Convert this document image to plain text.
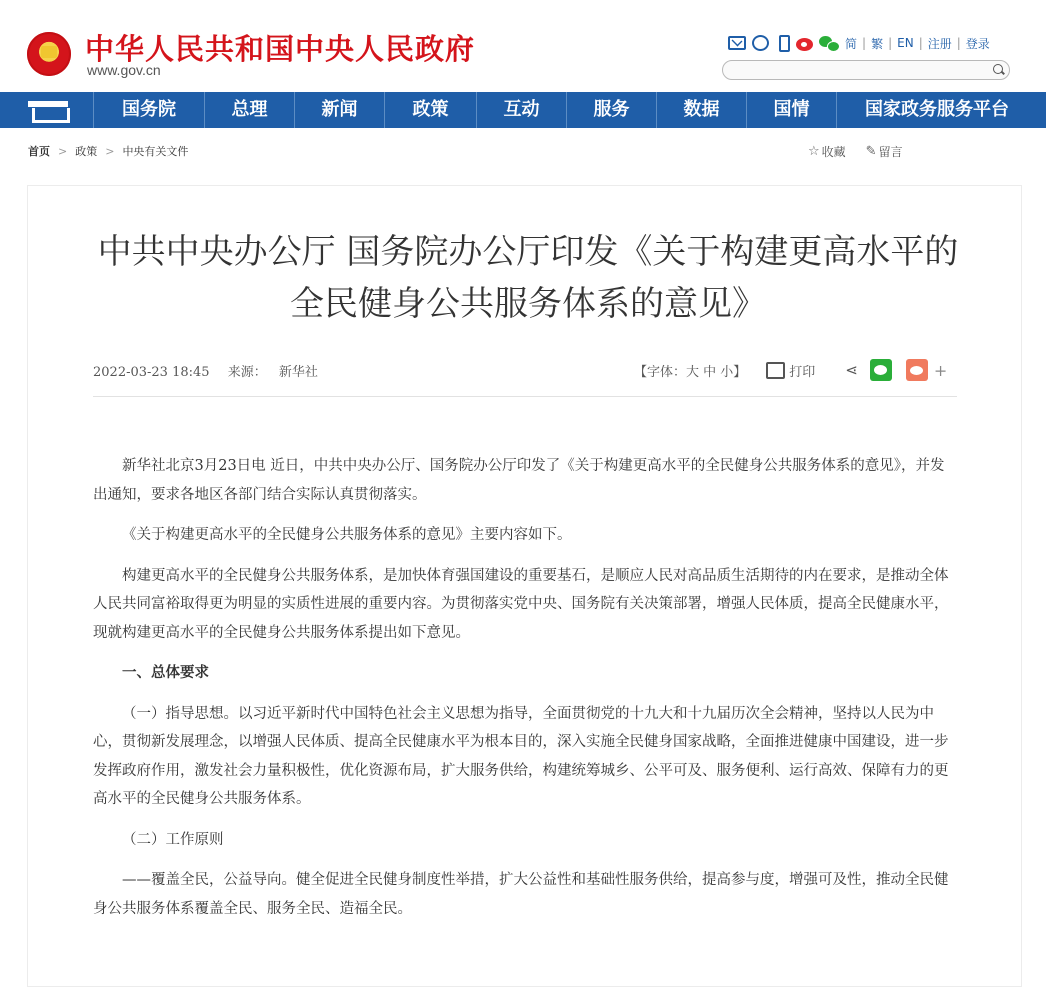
中华人民共和国中央人民政府
www.gov.cn
简 | 繁 | EN | 注册 | 登录
国务院	总理	新闻	政策	互动	服务	数据	国情	国家政务服务平台
首页 > 政策 > 中央有关文件	☆ 收藏 ✎ 留言
中共中央办公厅 国务院办公厅印发《关于构建更高水平的全民健身公共服务体系的意见》
2022-03-23 18:45 来源： 新华社	【字体：大 中 小】	打印 ⋖	+

新华社北京3月23日电 近日，中共中央办公厅、国务院办公厅印发了《关于构建更高水平的全民健身公共服务体系的意见》，并发出通知，要求各地区各部门结合实际认真贯彻落实。

《关于构建更高水平的全民健身公共服务体系的意见》主要内容如下。

构建更高水平的全民健身公共服务体系，是加快体育强国建设的重要基石，是顺应人民对高品质生活期待的内在要求，是推动全体人民共同富裕取得更为明显的实质性进展的重要内容。为贯彻落实党中央、国务院有关决策部署，增强人民体质，提高全民健康水平，现就构建更高水平的全民健身公共服务体系提出如下意见。

一、总体要求

（一）指导思想。以习近平新时代中国特色社会主义思想为指导，全面贯彻党的十九大和十九届历次全会精神，坚持以人民为中心，贯彻新发展理念，以增强人民体质、提高全民健康水平为根本目的，深入实施全民健身国家战略，全面推进健康中国建设，进一步发挥政府作用，激发社会力量积极性，优化资源布局，扩大服务供给，构建统筹城乡、公平可及、服务便利、运行高效、保障有力的更高水平的全民健身公共服务体系。

（二）工作原则

——覆盖全民，公益导向。健全促进全民健身制度性举措，扩大公益性和基础性服务供给，提高参与度，增强可及性，推动全民健身公共服务体系覆盖全民、服务全民、造福全民。
